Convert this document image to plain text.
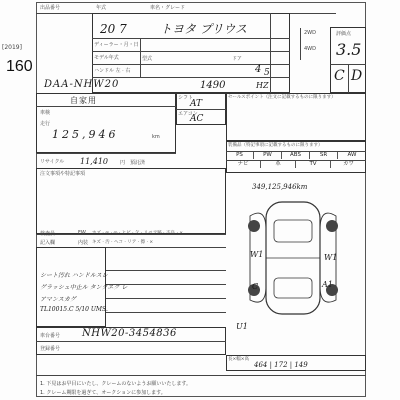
出品番号	年式	車名・グレード
[2019]
160
20 7	トヨタ プリウス
ディーラー・月・日
モデル年式
ハンドル 左 · 右
型式	ドア
4 5
DAA-NHW20	1490	HZ
2WD
4WD
評価点
3.5
C D
自家用
車検
走行
125,946	km
リサイクル 11,410 円 預託済
シフト
AT
エアコン
AC
セールスポイント（注文に記載するものに限ります）
装備品（特記事項に記載するものに限ります）
PS	PW	ABS	SR	AW
ナビ	革	TV	カワ
注文事項や特記事項
349,125,946km
検査員
記入欄
FW ホズ · ◎ · ◎ · ヒビ · 欠 · リペア跡 · 不良 · ×
内装 キズ · 汚 · ヘコ · リア · 擦 · ×
シート汚れ ハンドルスレ
グラッシュ中止ル タンクエグ レ
アマンスカグ
TL10015.C 5/10 UMS.
W1	W1
A1
C
U1
車台番号 NHW20-3454836
登録番号
長×幅×高
464 | 172 | 149
1. 下見はお早目にいたし、クレームのないようお願いいたします。
1. クレーム期限を過ぎて、オークションに参加します。
